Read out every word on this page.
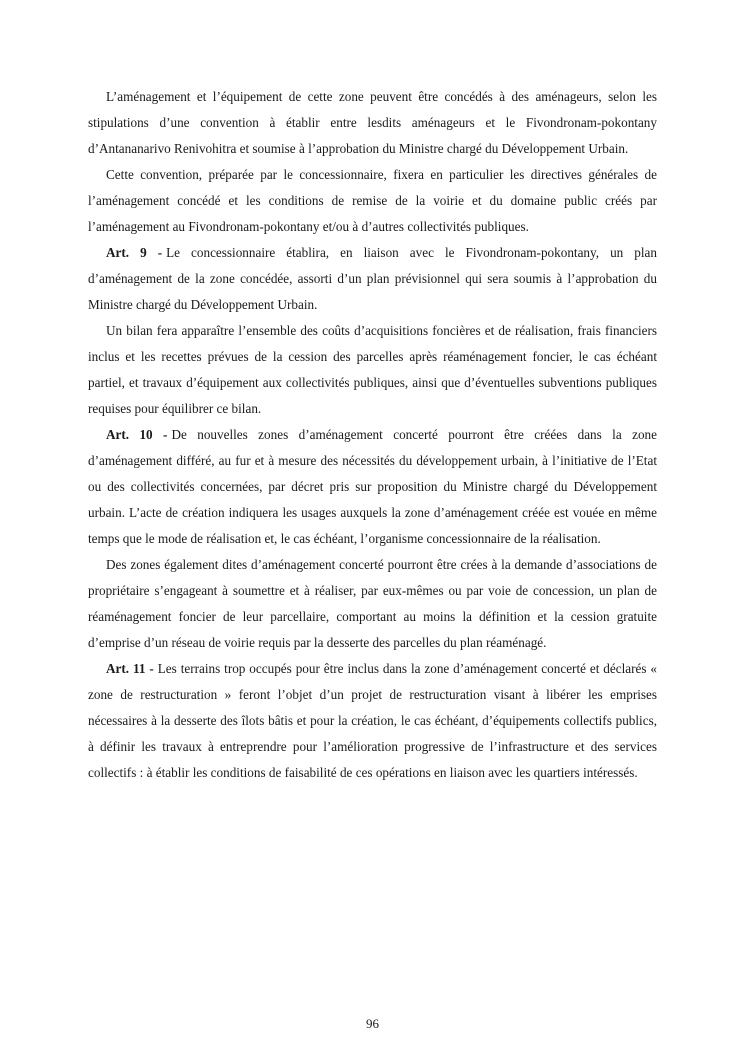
L’aménagement et l’équipement de cette zone peuvent être concédés à des aménageurs, selon les stipulations d’une convention à établir entre lesdits aménageurs et le Fivondronam-pokontany d’Antananarivo Renivohitra et soumise à l’approbation du Ministre chargé du Développement Urbain.

Cette convention, préparée par le concessionnaire, fixera en particulier les directives générales de l’aménagement concédé et les conditions de remise de la voirie et du domaine public créés par l’aménagement au Fivondronam-pokontany et/ou à d’autres collectivités publiques.

Art. 9 - Le concessionnaire établira, en liaison avec le Fivondronam-pokontany, un plan d’aménagement de la zone concédée, assorti d’un plan prévisionnel qui sera soumis à l’approbation du Ministre chargé du Développement Urbain.

Un bilan fera apparaître l’ensemble des coûts d’acquisitions foncières et de réalisation, frais financiers inclus et les recettes prévues de la cession des parcelles après réaménagement foncier, le cas échéant partiel, et travaux d’équipement aux collectivités publiques, ainsi que d’éventuelles subventions publiques requises pour équilibrer ce bilan.

Art. 10 - De nouvelles zones d’aménagement concerté pourront être créées dans la zone d’aménagement différé, au fur et à mesure des nécessités du développement urbain, à l’initiative de l’Etat ou des collectivités concernées, par décret pris sur proposition du Ministre chargé du Développement urbain. L’acte de création indiquera les usages auxquels la zone d’aménagement créée est vouée en même temps que le mode de réalisation et, le cas échéant, l’organisme concessionnaire de la réalisation.

Des zones également dites d’aménagement concerté pourront être crées à la demande d’associations de propriétaire s’engageant à soumettre et à réaliser, par eux-mêmes ou par voie de concession, un plan de réaménagement foncier de leur parcellaire, comportant au moins la définition et la cession gratuite d’emprise d’un réseau de voirie requis par la desserte des parcelles du plan réaménagé.

Art. 11 - Les terrains trop occupés pour être inclus dans la zone d’aménagement concerté et déclarés « zone de restructuration » feront l’objet d’un projet de restructuration visant à libérer les emprises nécessaires à la desserte des îlots bâtis et pour la création, le cas échéant, d’équipements collectifs publics, à définir les travaux à entreprendre pour l’amélioration progressive de l’infrastructure et des services collectifs : à établir les conditions de faisabilité de ces opérations en liaison avec les quartiers intéressés.

96
